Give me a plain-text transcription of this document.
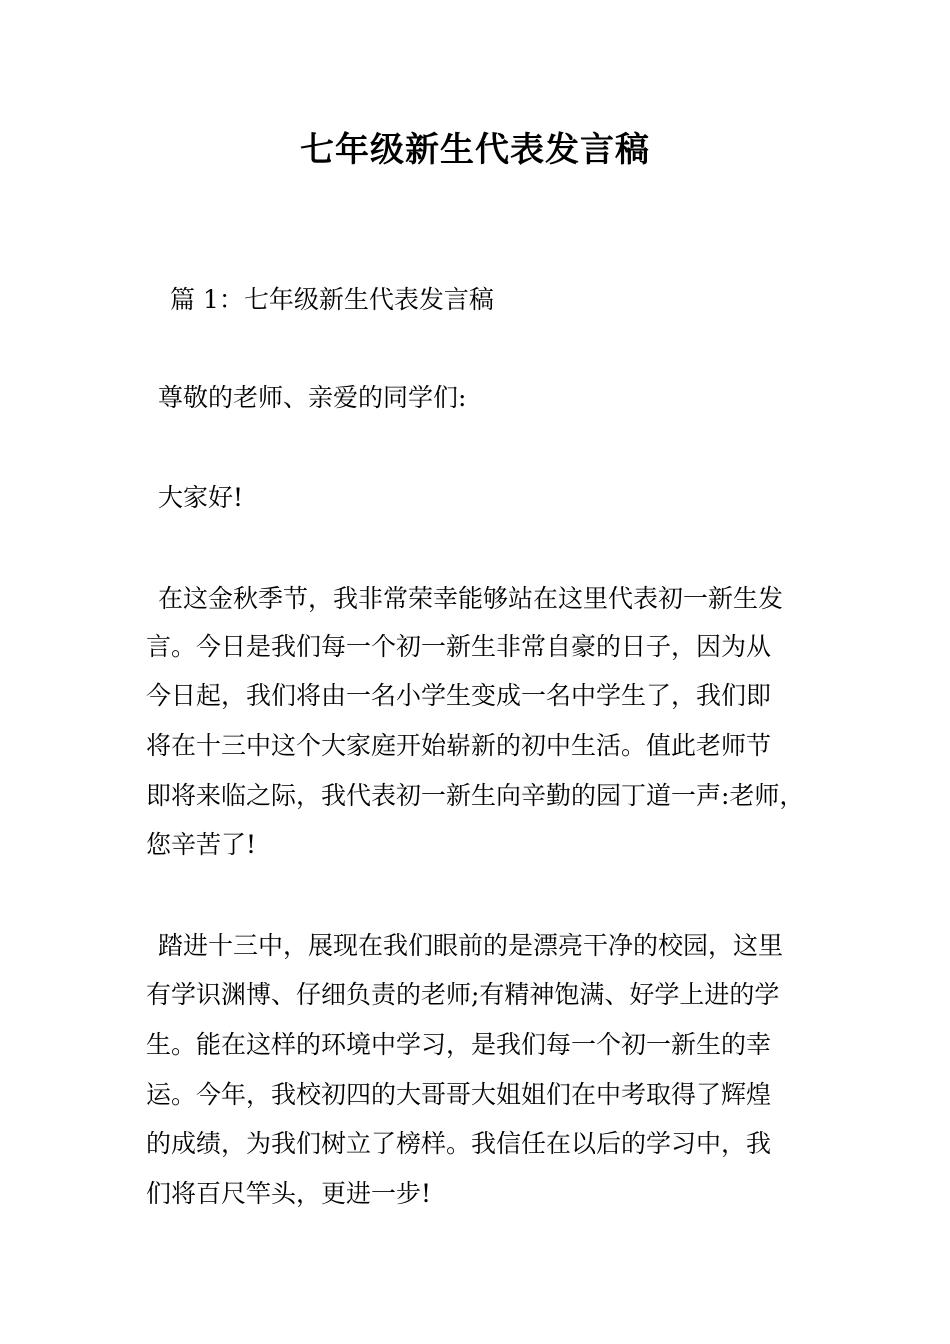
七年级新生代表发言稿
篇 1：七年级新生代表发言稿
尊敬的老师、亲爱的同学们:
大家好!
在这金秋季节，我非常荣幸能够站在这里代表初一新生发
言。今日是我们每一个初一新生非常自豪的日子，因为从
今日起，我们将由一名小学生变成一名中学生了，我们即
将在十三中这个大家庭开始崭新的初中生活。值此老师节
即将来临之际，我代表初一新生向辛勤的园丁道一声:老师，
您辛苦了!
踏进十三中，展现在我们眼前的是漂亮干净的校园，这里
有学识渊博、仔细负责的老师;有精神饱满、好学上进的学
生。能在这样的环境中学习，是我们每一个初一新生的幸
运。今年，我校初四的大哥哥大姐姐们在中考取得了辉煌
的成绩，为我们树立了榜样。我信任在以后的学习中，我
们将百尺竿头，更进一步!
